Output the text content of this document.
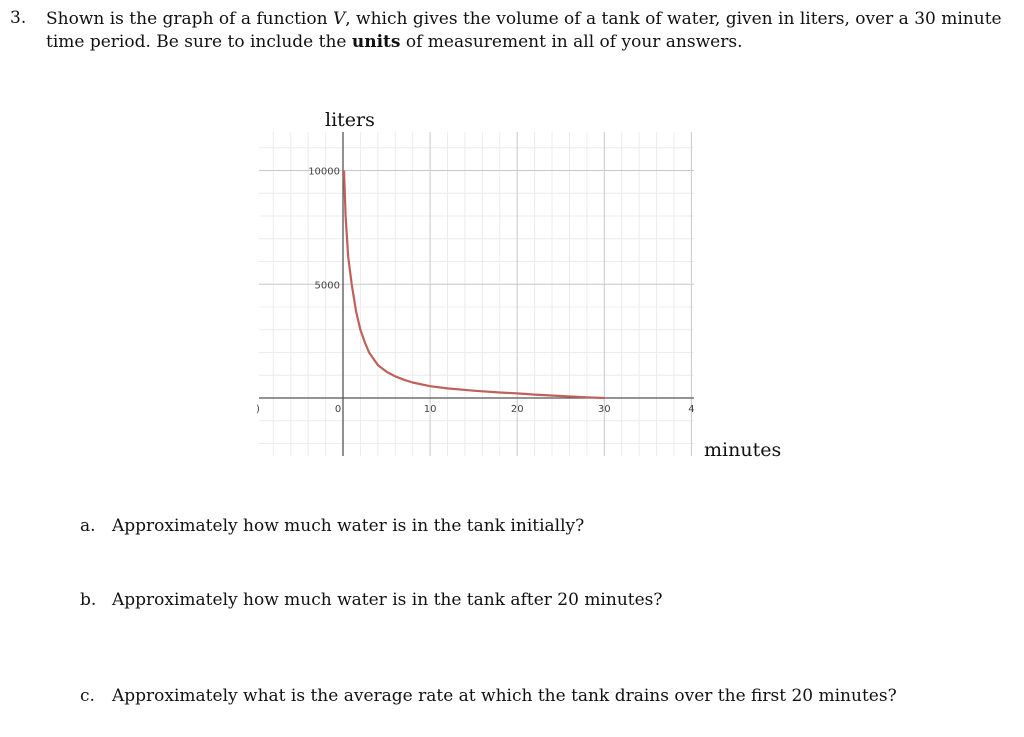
3. Shown is the graph of a function V, which gives the volume of a tank of water, given in liters, over a 30 minute time period. Be sure to include the units of measurement in all of your answers.
0	10	20	30	4
)
10000
5000
liters
minutes
a. Approximately how much water is in the tank initially?
b. Approximately how much water is in the tank after 20 minutes?
c. Approximately what is the average rate at which the tank drains over the first 20 minutes?
